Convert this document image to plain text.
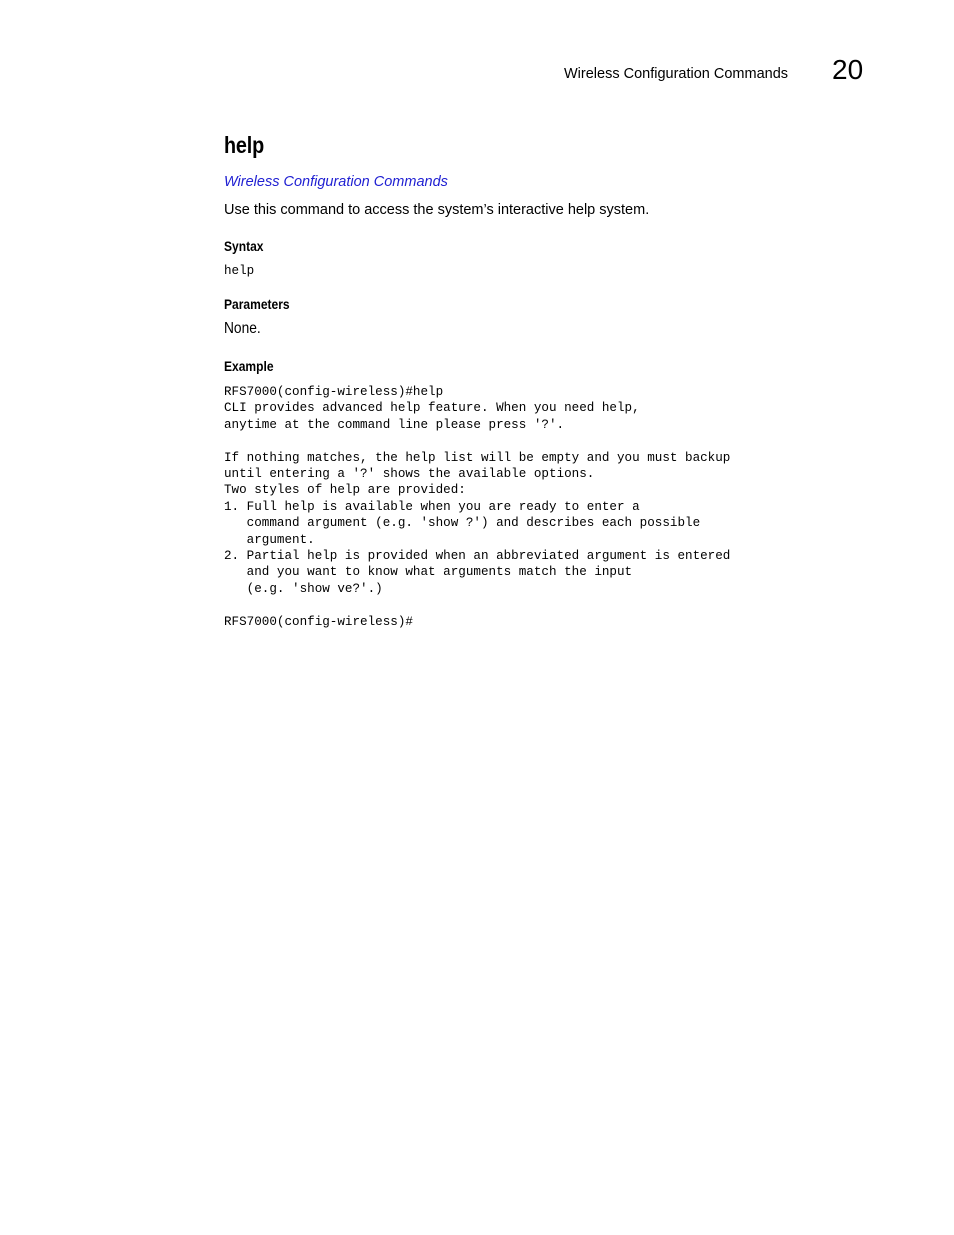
Wireless Configuration Commands 20
help
Wireless Configuration Commands
Use this command to access the system’s interactive help system.
Syntax
help
Parameters
None.
Example
RFS7000(config-wireless)#help
CLI provides advanced help feature. When you need help,
anytime at the command line please press '?'.

If nothing matches, the help list will be empty and you must backup
until entering a '?' shows the available options.
Two styles of help are provided:
1. Full help is available when you are ready to enter a
command argument (e.g. 'show ?') and describes each possible
argument.
2. Partial help is provided when an abbreviated argument is entered
and you want to know what arguments match the input
(e.g. 'show ve?'.)

RFS7000(config-wireless)#
